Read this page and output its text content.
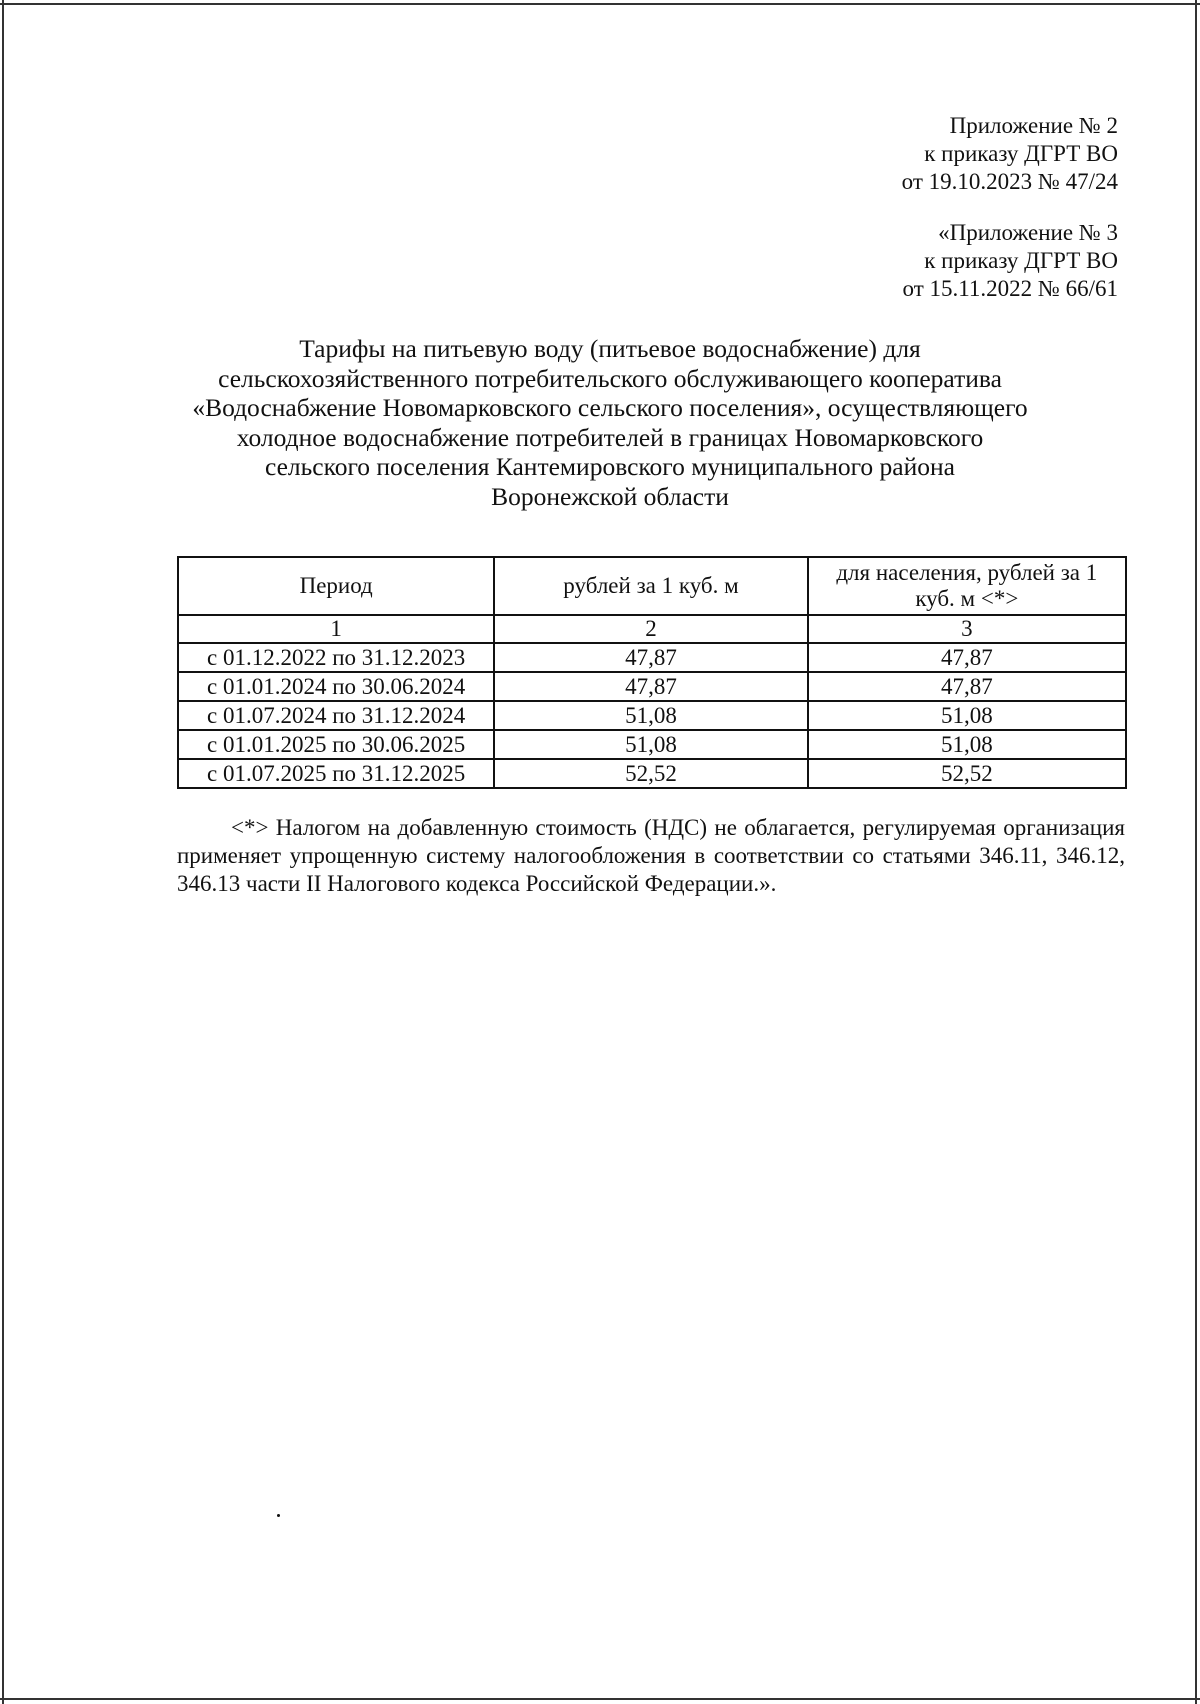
Приложение № 2
к приказу ДГРТ ВО
от 19.10.2023 № 47/24
«Приложение № 3
к приказу ДГРТ ВО
от 15.11.2022 № 66/61
Тарифы на питьевую воду (питьевое водоснабжение) для
сельскохозяйственного потребительского обслуживающего кооператива
«Водоснабжение Новомарковского сельского поселения», осуществляющего
холодное водоснабжение потребителей в границах Новомарковского
сельского поселения Кантемировского муниципального района
Воронежской области
Период	рублей за 1 куб. м	для населения, рублей за 1
куб. м <*>
1	2	3
с 01.12.2022 по 31.12.2023	47,87	47,87
с 01.01.2024 по 30.06.2024	47,87	47,87
с 01.07.2024 по 31.12.2024	51,08	51,08
с 01.01.2025 по 30.06.2025	51,08	51,08
с 01.07.2025 по 31.12.2025	52,52	52,52

<*> Налогом на добавленную стоимость (НДС) не облагается, регулируемая организация применяет упрощенную систему налогообложения в соответствии со статьями 346.11, 346.12, 346.13 части II Налогового кодекса Российской Федерации.».
